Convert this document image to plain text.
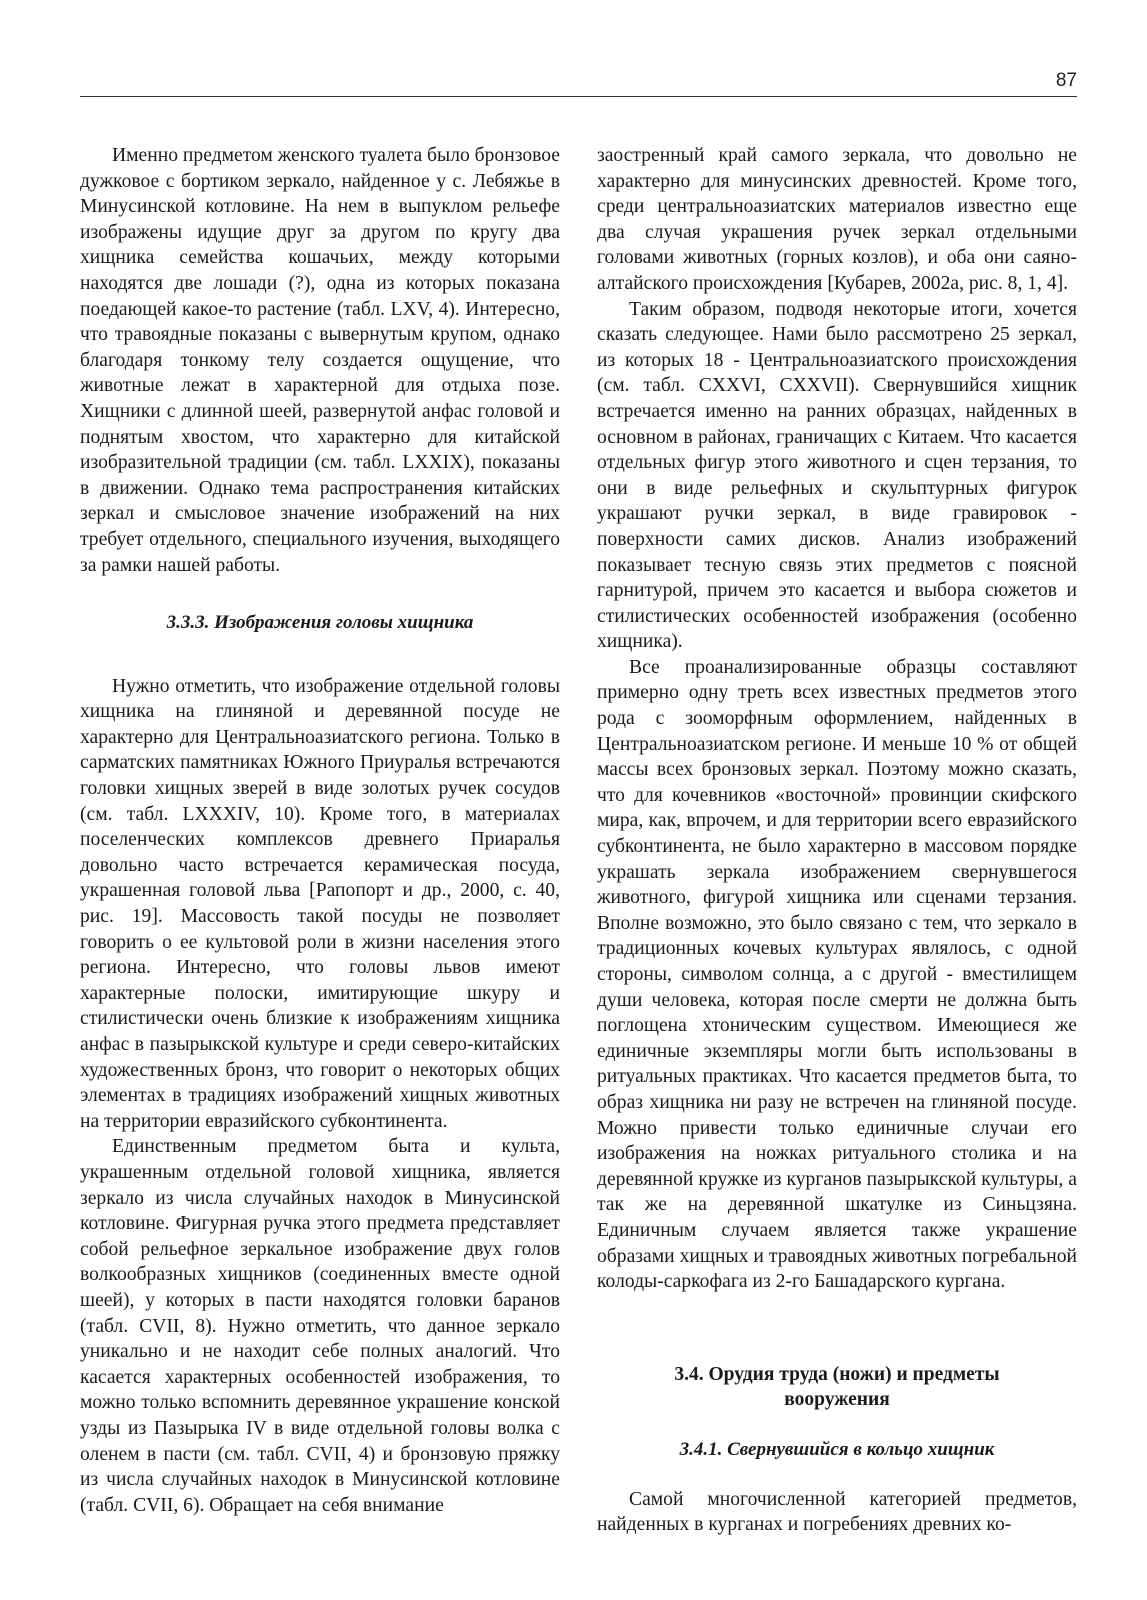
87

Именно предметом женского туалета было бронзовое дужковое с бортиком зеркало, найденное у с. Лебяжье в Минусинской котловине. На нем в выпуклом рельефе изображены идущие друг за другом по кругу два хищника семейства кошачьих, между которыми находятся две лошади (?), одна из которых показана поедающей какое-то растение (табл. LXV, 4). Интересно, что травоядные показаны с вывернутым крупом, однако благодаря тонкому телу создается ощущение, что животные лежат в характерной для отдыха позе. Хищники с длинной шеей, развернутой анфас головой и поднятым хвостом, что характерно для китайской изобразительной традиции (см. табл. LXXIX), показаны в движении. Однако тема распространения китайских зеркал и смысловое значение изображений на них требует отдельного, специального изучения, выходящего за рамки нашей работы.

3.3.3. Изображения головы хищника

Нужно отметить, что изображение отдельной головы хищника на глиняной и деревянной посуде не характерно для Центральноазиатского региона. Только в сарматских памятниках Южного Приуралья встречаются головки хищных зверей в виде золотых ручек сосудов (см. табл. LXXXIV, 10). Кроме того, в материалах поселенческих комплексов древнего Приаралья довольно часто встречается керамическая посуда, украшенная головой льва [Рапопорт и др., 2000, с. 40, рис. 19]. Массовость такой посуды не позволяет говорить о ее культовой роли в жизни населения этого региона. Интересно, что головы львов имеют характерные полоски, имитирующие шкуру и стилистически очень близкие к изображениям хищника анфас в пазырыкской культуре и среди северо-китайских художественных бронз, что говорит о некоторых общих элементах в традициях изображений хищных животных на территории евразийского субконтинента.

Единственным предметом быта и культа, украшенным отдельной головой хищника, является зеркало из числа случайных находок в Минусинской котловине. Фигурная ручка этого предмета представляет собой рельефное зеркальное изображение двух голов волкообразных хищников (соединенных вместе одной шеей), у которых в пасти находятся головки баранов (табл. CVII, 8). Нужно отметить, что данное зеркало уникально и не находит себе полных аналогий. Что касается характерных особенностей изображения, то можно только вспомнить деревянное украшение конской узды из Пазырыка IV в виде отдельной головы волка с оленем в пасти (см. табл. CVII, 4) и бронзовую пряжку из числа случайных находок в Минусинской котловине (табл. CVII, 6). Обращает на себя внимание

заостренный край самого зеркала, что довольно не характерно для минусинских древностей. Кроме того, среди центральноазиатских материалов известно еще два случая украшения ручек зеркал отдельными головами животных (горных козлов), и оба они саяно-алтайского происхождения [Кубарев, 2002а, рис. 8, 1, 4].

Таким образом, подводя некоторые итоги, хочется сказать следующее. Нами было рассмотрено 25 зеркал, из которых 18 - Центральноазиатского происхождения (см. табл. CXXVI, CXXVII). Свернувшийся хищник встречается именно на ранних образцах, найденных в основном в районах, граничащих с Китаем. Что касается отдельных фигур этого животного и сцен терзания, то они в виде рельефных и скульптурных фигурок украшают ручки зеркал, в виде гравировок - поверхности самих дисков. Анализ изображений показывает тесную связь этих предметов с поясной гарнитурой, причем это касается и выбора сюжетов и стилистических особенностей изображения (особенно хищника).

Все проанализированные образцы составляют примерно одну треть всех известных предметов этого рода с зооморфным оформлением, найденных в Центральноазиатском регионе. И меньше 10 % от общей массы всех бронзовых зеркал. Поэтому можно сказать, что для кочевников «восточной» провинции скифского мира, как, впрочем, и для территории всего евразийского субконтинента, не было характерно в массовом порядке украшать зеркала изображением свернувшегося животного, фигурой хищника или сценами терзания. Вполне возможно, это было связано с тем, что зеркало в традиционных кочевых культурах являлось, с одной стороны, символом солнца, а с другой - вместилищем души человека, которая после смерти не должна быть поглощена хтоническим существом. Имеющиеся же единичные экземпляры могли быть использованы в ритуальных практиках. Что касается предметов быта, то образ хищника ни разу не встречен на глиняной посуде. Можно привести только единичные случаи его изображения на ножках ритуального столика и на деревянной кружке из курганов пазырыкской культуры, а так же на деревянной шкатулке из Синьцзяна. Единичным случаем является также украшение образами хищных и травоядных животных погребальной колоды-саркофага из 2-го Башадарского кургана.

3.4. Орудия труда (ножи) и предметы
вооружения

3.4.1. Свернувшийся в кольцо хищник

Самой многочисленной категорией предметов, найденных в курганах и погребениях древних ко-
